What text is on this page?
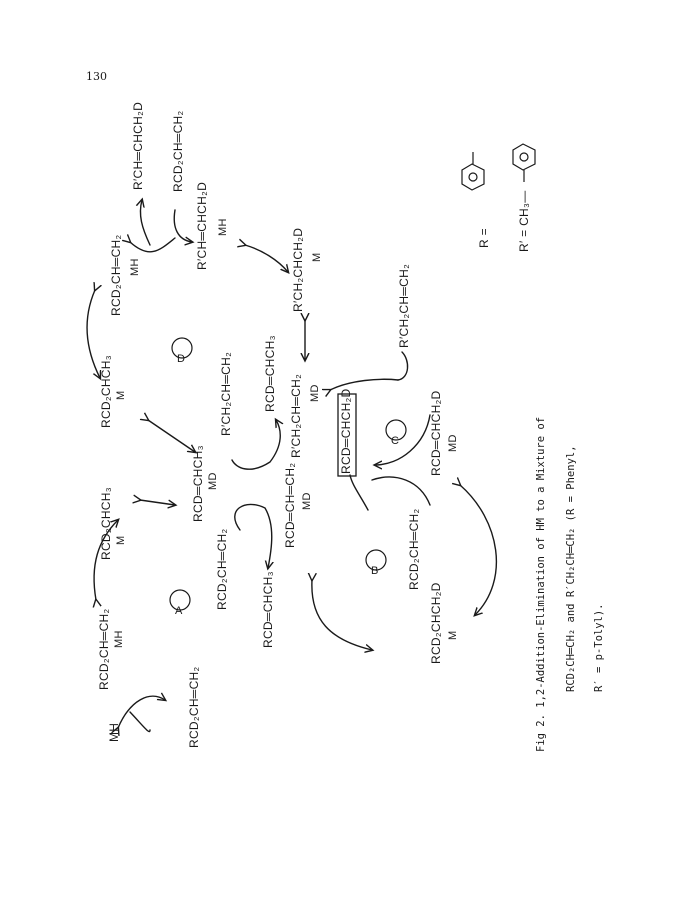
130
A
B
C
D
MH	RCD₂CH═CH₂
RCD₂CH═CH₂ MH
RCD₂CHCH₃ M	RCD₂CH═CH₂	RCD═CHCH₃
RCD═CHCH₃ MD	RCD═CH═CH₂ MD
RCD₂CH═CH₂
RCD₂CHCH₂D M
RCD₂CHCH₃ M
RCD₂CH═CH₂ MH
R′CH₂CH═CH₂	RCD═CHCH₃
R′CH₂CH═CH₂ MD RCD═CHCH₂D	RCD═CHCH₂D MD
R′CH₂CH═CH₂
R′CH═CHCH₂D RCD₂CH═CH₂
R′CH═CHCH₂D MH
R′CH₂CHCH₂D M
R = R′ = CH₃—
Fig 2. 1,2-Addition-Elimination of HM to a Mixture of RCD₂CH═CH₂ and R′CH₂CH═CH₂ (R = Phenyl, R′ = p-Tolyl).
